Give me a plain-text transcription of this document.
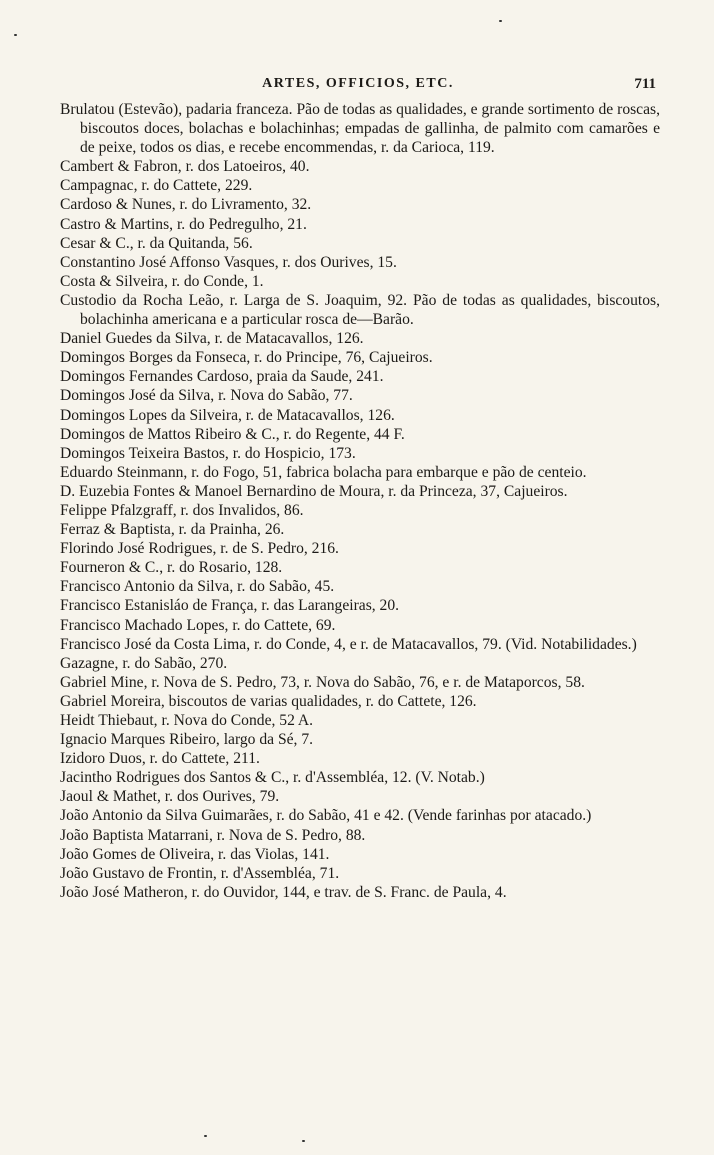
ARTES, OFFICIOS, ETC.	711
Brulatou (Estevão), padaria franceza. Pão de todas as qualidades, e grande sortimento de roscas, biscoutos doces, bolachas e bolachinhas; empadas de gallinha, de palmito com camarões e de peixe, todos os dias, e recebe encommendas, r. da Carioca, 119.
Cambert & Fabron, r. dos Latoeiros, 40.
Campagnac, r. do Cattete, 229.
Cardoso & Nunes, r. do Livramento, 32.
Castro & Martins, r. do Pedregulho, 21.
Cesar & C., r. da Quitanda, 56.
Constantino José Affonso Vasques, r. dos Ourives, 15.
Costa & Silveira, r. do Conde, 1.
Custodio da Rocha Leão, r. Larga de S. Joaquim, 92. Pão de todas as qualidades, biscoutos, bolachinha americana e a particular rosca de—Barão.
Daniel Guedes da Silva, r. de Matacavallos, 126.
Domingos Borges da Fonseca, r. do Principe, 76, Cajueiros.
Domingos Fernandes Cardoso, praia da Saude, 241.
Domingos José da Silva, r. Nova do Sabão, 77.
Domingos Lopes da Silveira, r. de Matacavallos, 126.
Domingos de Mattos Ribeiro & C., r. do Regente, 44 F.
Domingos Teixeira Bastos, r. do Hospicio, 173.
Eduardo Steinmann, r. do Fogo, 51, fabrica bolacha para embarque e pão de centeio.
D. Euzebia Fontes & Manoel Bernardino de Moura, r. da Princeza, 37, Cajueiros.
Felippe Pfalzgraff, r. dos Invalidos, 86.
Ferraz & Baptista, r. da Prainha, 26.
Florindo José Rodrigues, r. de S. Pedro, 216.
Fourneron & C., r. do Rosario, 128.
Francisco Antonio da Silva, r. do Sabão, 45.
Francisco Estanisláo de França, r. das Larangeiras, 20.
Francisco Machado Lopes, r. do Cattete, 69.
Francisco José da Costa Lima, r. do Conde, 4, e r. de Matacavallos, 79. (Vid. Notabilidades.)
Gazagne, r. do Sabão, 270.
Gabriel Mine, r. Nova de S. Pedro, 73, r. Nova do Sabão, 76, e r. de Mataporcos, 58.
Gabriel Moreira, biscoutos de varias qualidades, r. do Cattete, 126.
Heidt Thiebaut, r. Nova do Conde, 52 A.
Ignacio Marques Ribeiro, largo da Sé, 7.
Izidoro Duos, r. do Cattete, 211.
Jacintho Rodrigues dos Santos & C., r. d'Assembléa, 12. (V. Notab.)
Jaoul & Mathet, r. dos Ourives, 79.
João Antonio da Silva Guimarães, r. do Sabão, 41 e 42. (Vende farinhas por atacado.)
João Baptista Matarrani, r. Nova de S. Pedro, 88.
João Gomes de Oliveira, r. das Violas, 141.
João Gustavo de Frontin, r. d'Assembléa, 71.
João José Matheron, r. do Ouvidor, 144, e trav. de S. Franc. de Paula, 4.
